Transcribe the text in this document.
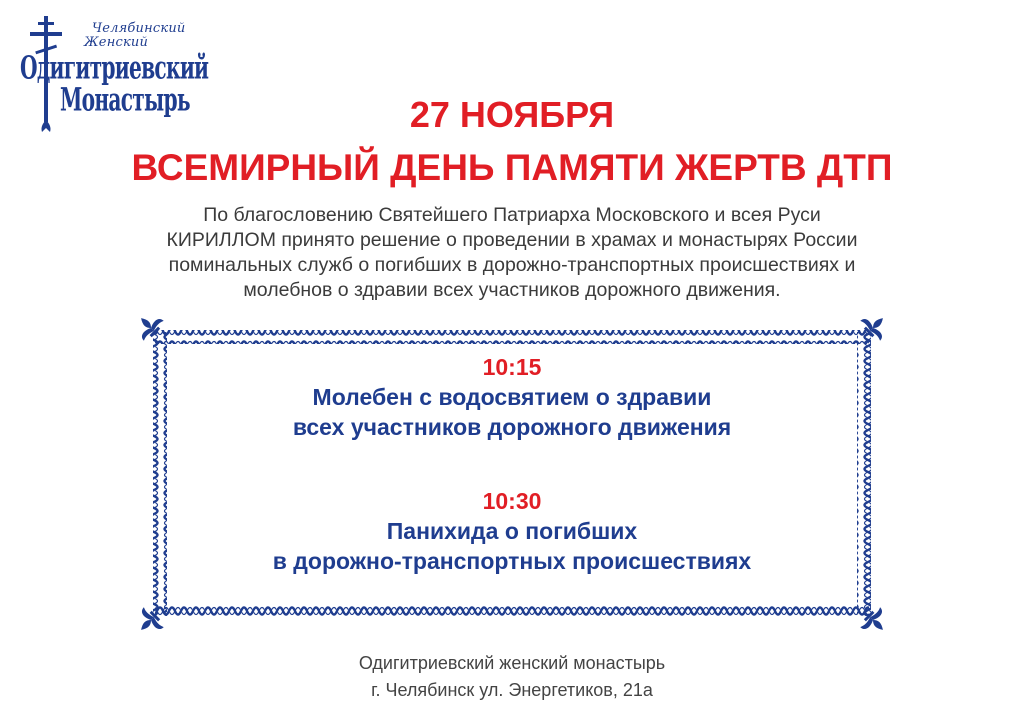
Челябинский
Женский
Одигитриевский
Монастырь	27 НОЯБРЯ
ВСЕМИРНЫЙ ДЕНЬ ПАМЯТИ ЖЕРТВ ДТП
По благословению Святейшего Патриарха Московского и всея Руси
КИРИЛЛОМ принято решение о проведении в храмах и монастырях России
поминальных служб о погибших в дорожно-транспортных происшествиях и
молебнов о здравии всех участников дорожного движения.
10:15
Молебен с водосвятием о здравии
всех участников дорожного движения
10:30
Панихида о погибших
в дорожно-транспортных происшествиях
Одигитриевский женский монастырь
г. Челябинск ул. Энергетиков, 21а
